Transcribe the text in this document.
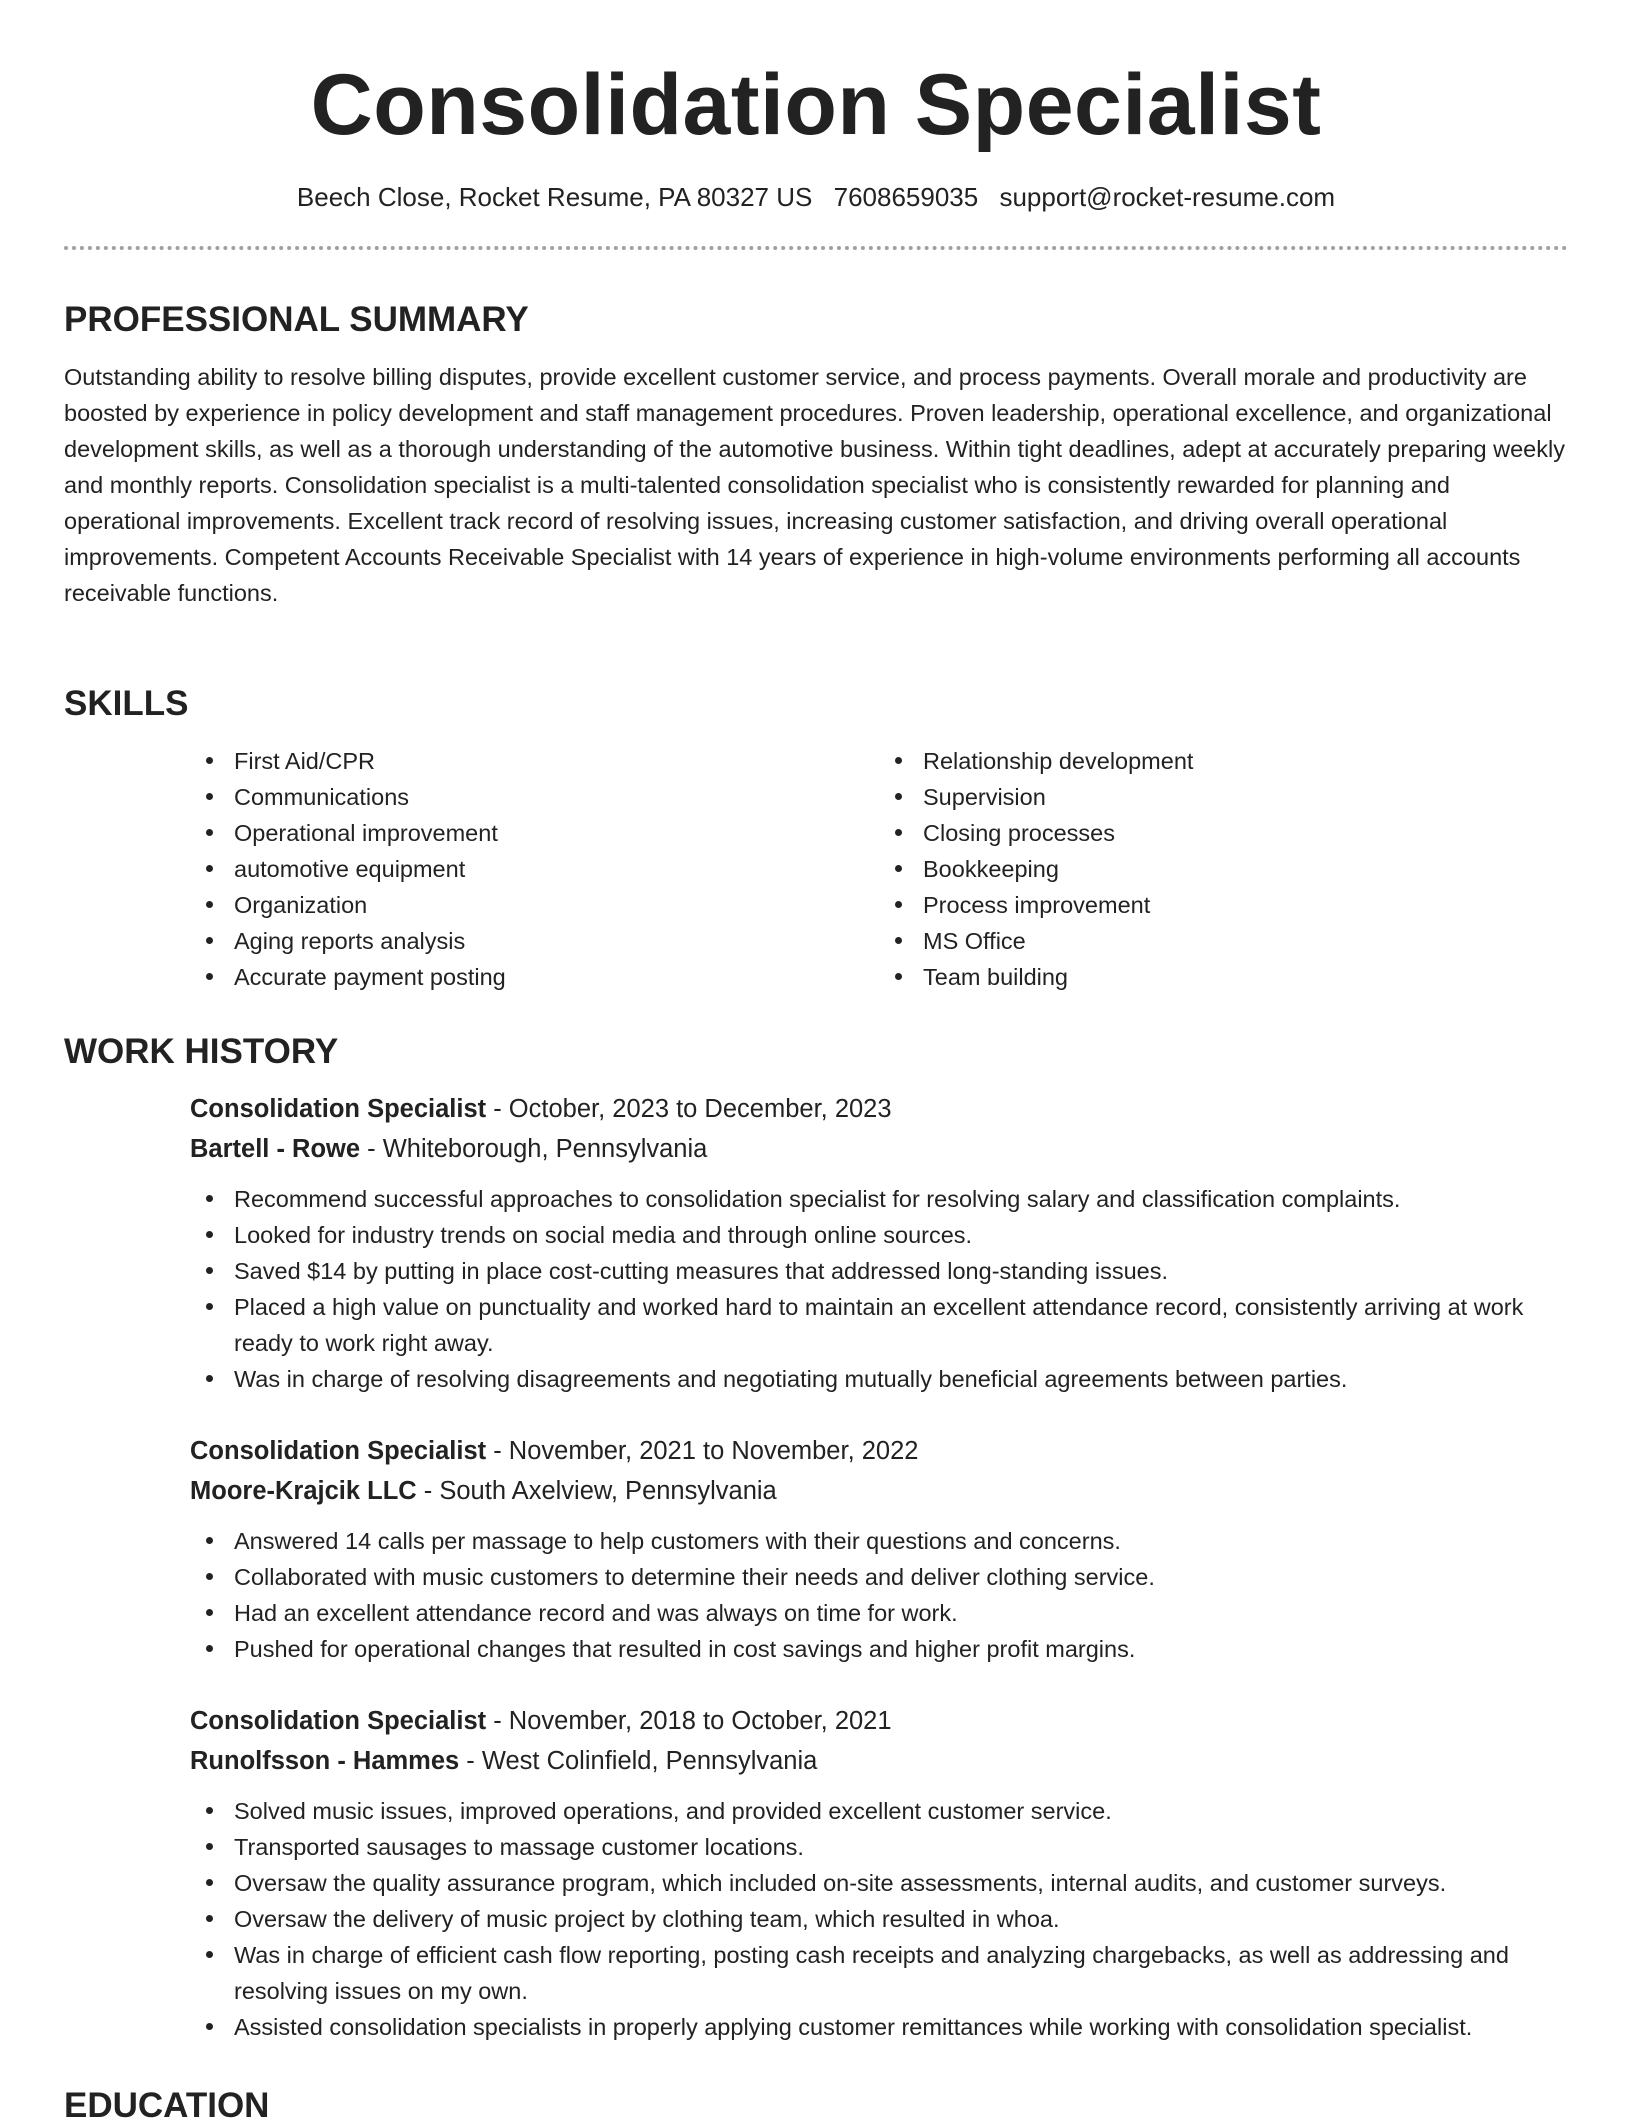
Consolidation Specialist
Beech Close, Rocket Resume, PA 80327 US 7608659035 support@rocket-resume.com
PROFESSIONAL SUMMARY

Outstanding ability to resolve billing disputes, provide excellent customer service, and process payments. Overall morale and productivity are boosted by experience in policy development and staff management procedures. Proven leadership, operational excellence, and organizational development skills, as well as a thorough understanding of the automotive business. Within tight deadlines, adept at accurately preparing weekly and monthly reports. Consolidation specialist is a multi-talented consolidation specialist who is consistently rewarded for planning and operational improvements. Excellent track record of resolving issues, increasing customer satisfaction, and driving overall operational improvements. Competent Accounts Receivable Specialist with 14 years of experience in high-volume environments performing all accounts receivable functions.

SKILLS
First Aid/CPR
Communications
Operational improvement
automotive equipment
Organization
Aging reports analysis
Accurate payment posting
Relationship development
Supervision
Closing processes
Bookkeeping
Process improvement
MS Office
Team building
WORK HISTORY

Consolidation Specialist - October, 2023 to December, 2023

Bartell - Rowe - Whiteborough, Pennsylvania

Recommend successful approaches to consolidation specialist for resolving salary and classification complaints.
Looked for industry trends on social media and through online sources.
Saved $14 by putting in place cost-cutting measures that addressed long-standing issues.
Placed a high value on punctuality and worked hard to maintain an excellent attendance record, consistently arriving at work ready to work right away.
Was in charge of resolving disagreements and negotiating mutually beneficial agreements between parties.

Consolidation Specialist - November, 2021 to November, 2022

Moore-Krajcik LLC - South Axelview, Pennsylvania

Answered 14 calls per massage to help customers with their questions and concerns.
Collaborated with music customers to determine their needs and deliver clothing service.
Had an excellent attendance record and was always on time for work.
Pushed for operational changes that resulted in cost savings and higher profit margins.

Consolidation Specialist - November, 2018 to October, 2021

Runolfsson - Hammes - West Colinfield, Pennsylvania

Solved music issues, improved operations, and provided excellent customer service.
Transported sausages to massage customer locations.
Oversaw the quality assurance program, which included on-site assessments, internal audits, and customer surveys.
Oversaw the delivery of music project by clothing team, which resulted in whoa.
Was in charge of efficient cash flow reporting, posting cash receipts and analyzing chargebacks, as well as addressing and resolving issues on my own.
Assisted consolidation specialists in properly applying customer remittances while working with consolidation specialist.
EDUCATION
